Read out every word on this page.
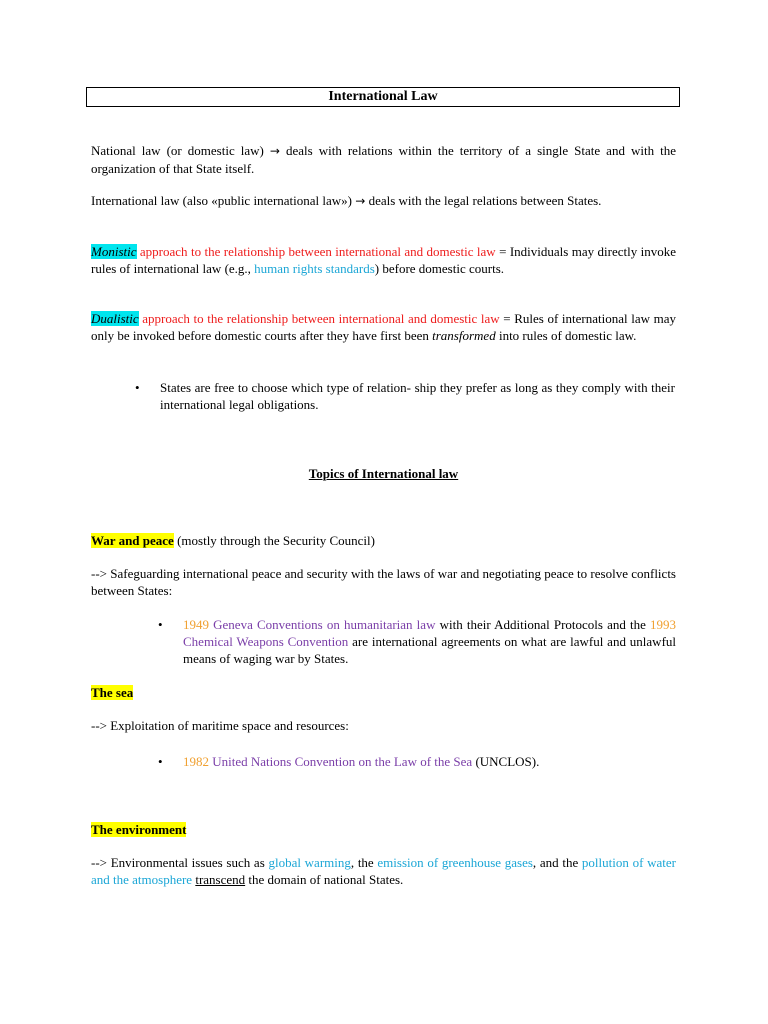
International Law

National law (or domestic law) → deals with relations within the territory of a single State and with the organization of that State itself.

International law (also «public international law») → deals with the legal relations between States.

Monistic approach to the relationship between international and domestic law = Individuals may directly invoke rules of international law (e.g., human rights standards) before domestic courts.

Dualistic approach to the relationship between international and domestic law = Rules of international law may only be invoked before domestic courts after they have first been transformed into rules of domestic law.

• States are free to choose which type of relation- ship they prefer as long as they comply with their international legal obligations.

Topics of International law

War and peace (mostly through the Security Council)

--> Safeguarding international peace and security with the laws of war and negotiating peace to resolve conflicts between States:

• 1949 Geneva Conventions on humanitarian law with their Additional Protocols and the 1993 Chemical Weapons Convention are international agreements on what are lawful and unlawful means of waging war by States.

The sea

--> Exploitation of maritime space and resources:

• 1982 United Nations Convention on the Law of the Sea (UNCLOS).

The environment

--> Environmental issues such as global warming, the emission of greenhouse gases, and the pollution of water and the atmosphere transcend the domain of national States.
